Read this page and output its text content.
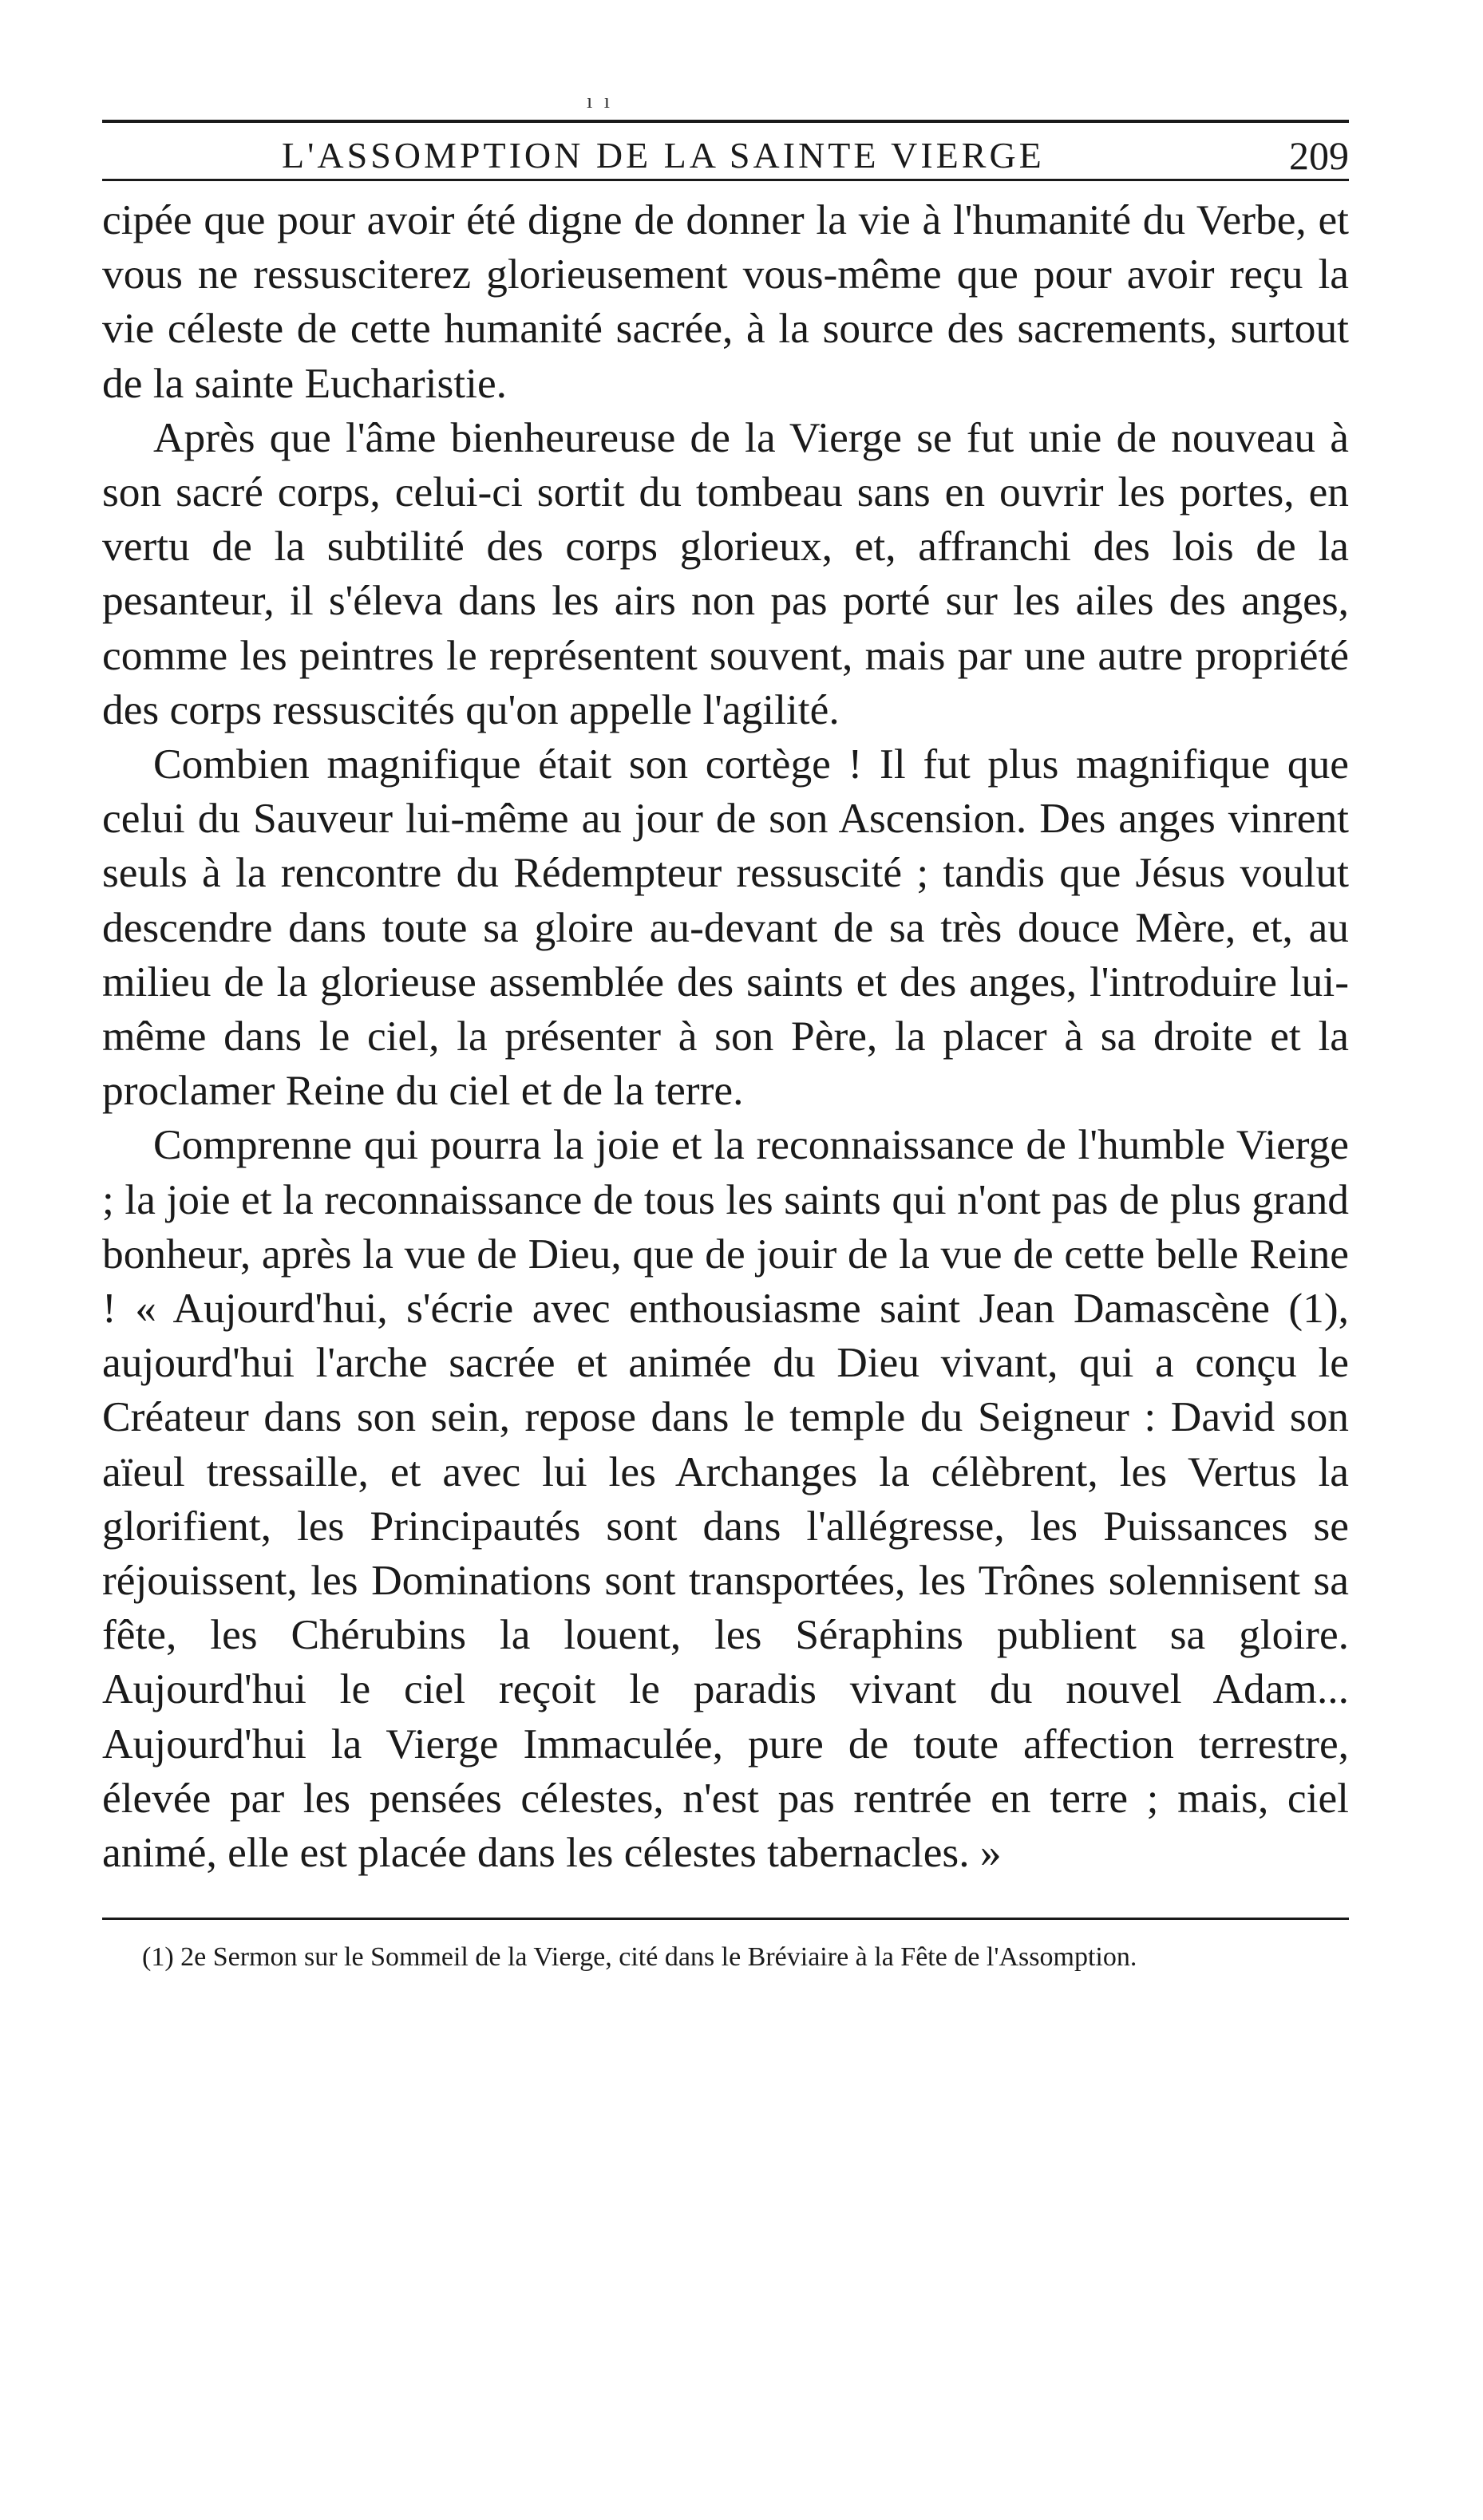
ı ı
L'ASSOMPTION DE LA SAINTE VIERGE	209

cipée que pour avoir été digne de donner la vie à l'humanité du Verbe, et vous ne ressusciterez glorieusement vous-même que pour avoir reçu la vie céleste de cette humanité sacrée, à la source des sacrements, surtout de la sainte Eucharistie.

Après que l'âme bienheureuse de la Vierge se fut unie de nouveau à son sacré corps, celui-ci sortit du tombeau sans en ouvrir les portes, en vertu de la subtilité des corps glorieux, et, affranchi des lois de la pesanteur, il s'éleva dans les airs non pas porté sur les ailes des anges, comme les peintres le représentent souvent, mais par une autre propriété des corps ressuscités qu'on appelle l'agilité.

Combien magnifique était son cortège ! Il fut plus magnifique que celui du Sauveur lui-même au jour de son Ascension. Des anges vinrent seuls à la rencontre du Rédempteur ressuscité ; tandis que Jésus voulut descendre dans toute sa gloire au-devant de sa très douce Mère, et, au milieu de la glorieuse assemblée des saints et des anges, l'introduire lui-même dans le ciel, la présenter à son Père, la placer à sa droite et la proclamer Reine du ciel et de la terre.

Comprenne qui pourra la joie et la reconnaissance de l'humble Vierge ; la joie et la reconnaissance de tous les saints qui n'ont pas de plus grand bonheur, après la vue de Dieu, que de jouir de la vue de cette belle Reine ! « Aujourd'hui, s'écrie avec enthousiasme saint Jean Damascène (1), aujourd'hui l'arche sacrée et animée du Dieu vivant, qui a conçu le Créateur dans son sein, repose dans le temple du Seigneur : David son aïeul tressaille, et avec lui les Archanges la célèbrent, les Vertus la glorifient, les Principautés sont dans l'allégresse, les Puissances se réjouissent, les Dominations sont transportées, les Trônes solennisent sa fête, les Chérubins la louent, les Séraphins publient sa gloire. Aujourd'hui le ciel reçoit le paradis vivant du nouvel Adam... Aujourd'hui la Vierge Immaculée, pure de toute affection terrestre, élevée par les pensées célestes, n'est pas rentrée en terre ; mais, ciel animé, elle est placée dans les célestes tabernacles. »

(1) 2e Sermon sur le Sommeil de la Vierge, cité dans le Bréviaire à la Fête de l'Assomption.
